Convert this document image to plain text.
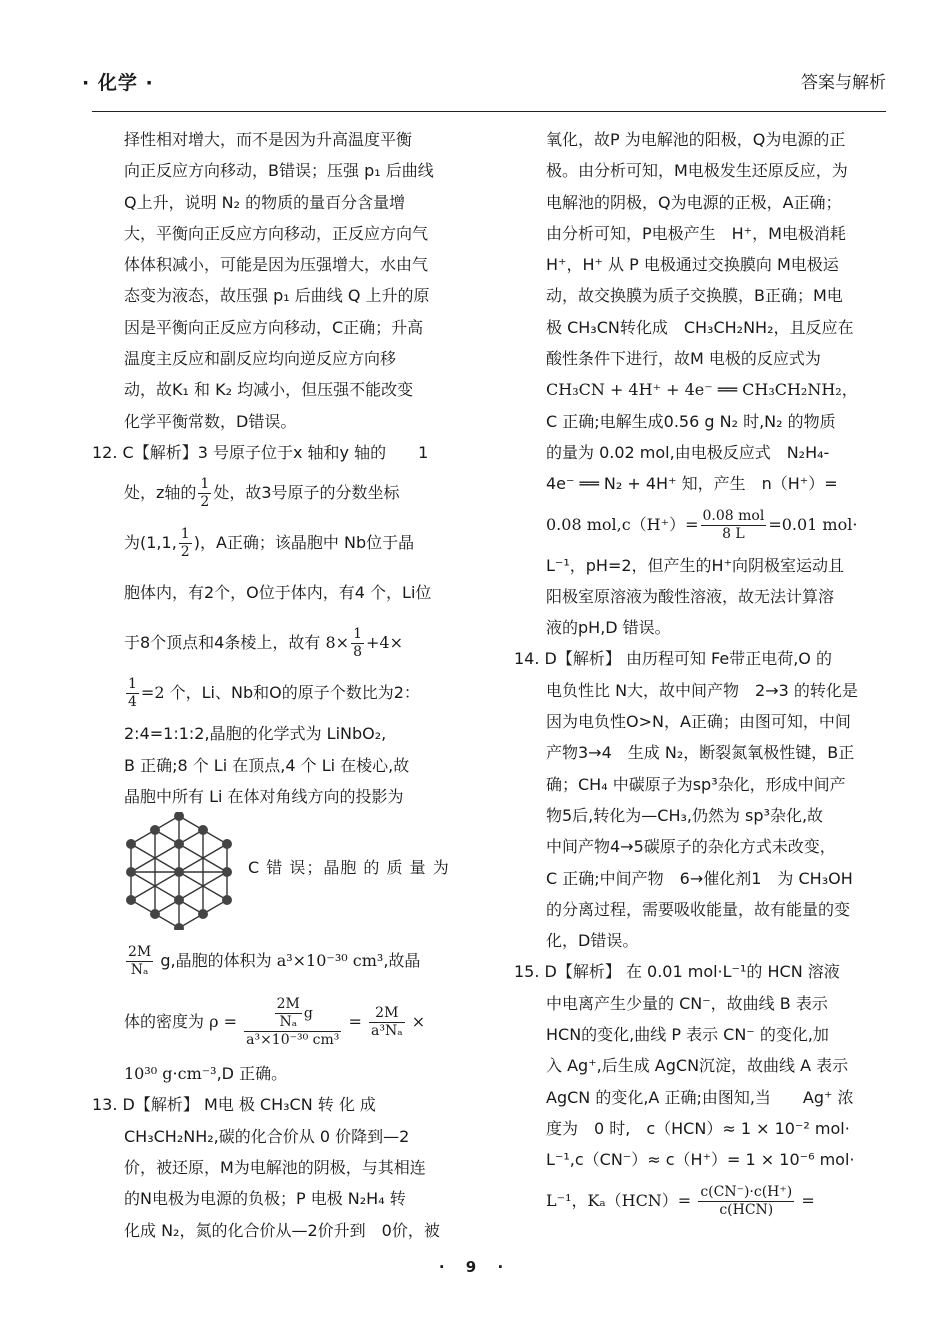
· 化学 ·	答案与解析
择性相对增大，而不是因为升高温度平衡
向正反应方向移动，B错误；压强 p₁ 后曲线
Q上升，说明 N₂ 的物质的量百分含量增
大，平衡向正反应方向移动，正反应方向气
体体积减小，可能是因为压强增大，水由气
态变为液态，故压强 p₁ 后曲线 Q 上升的原
因是平衡向正反应方向移动，C正确；升高
温度主反应和副反应均向逆反应方向移
动，故K₁ 和 K₂ 均减小，但压强不能改变
化学平衡常数，D错误。
12. C【解析】3 号原子位于x 轴和y 轴的　　1
处，z轴的 $\frac{1}{2}$ 处，故3号原子的分数坐标
为(1,1, $\frac{1}{2}$ )，A正确；该晶胞中 Nb位于晶
胞体内，有2个，O位于体内，有4 个，Li位
于8个顶点和4条棱上，故有 $8\times \frac{1}{8} +4\times$
$\frac{1}{4} =2$ 个，Li、Nb和O的原子个数比为2：
2:4=1:1:2,晶胞的化学式为 LiNbO₂,
B 正确;8 个 Li 在顶点,4 个 Li 在棱心,故
晶胞中所有 Li 在体对角线方向的投影为
C 错 误；晶胞 的 质 量 为
$\frac{2M}{\text{Nₐ}} g$,晶胞的体积为 a³×10⁻³⁰ cm³,故晶
体的密度为 $\rho = \frac{\frac{2M}{\text{Nₐ}} g}{\text{a³×10⁻³⁰ cm³}} = \frac{2M}{\text{a³Nₐ}}$ ×
10³⁰ g·cm⁻³,D 正确。
13. D【解析】 M电 极 CH₃CN 转 化 成
CH₃CH₂NH₂,碳的化合价从 0 价降到—2
价，被还原，M为电解池的阴极，与其相连
的N电极为电源的负极；P 电极 N₂H₄ 转
化成 N₂，氮的化合价从—2价升到　0价，被
氧化，故P 为电解池的阳极，Q为电源的正
极。由分析可知，M电极发生还原反应，为
电解池的阴极，Q为电源的正极，A正确；
由分析可知，P电极产生　H⁺，M电极消耗
H⁺，H⁺ 从 P 电极通过交换膜向 M电极运
动，故交换膜为质子交换膜，B正确；M电
极 CH₃CN转化成　CH₃CH₂NH₂，且反应在
酸性条件下进行，故M 电极的反应式为
CH₃CN + 4H⁺ + 4e⁻ ══ CH₃CH₂NH₂，
C 正确;电解生成0.56 g N₂ 时,N₂ 的物质
的量为 0.02 mol,由电极反应式　N₂H₄-
4e⁻ ══ N₂ + 4H⁺ 知，产生　n（H⁺）=
0.08 $mol,c(H^+)= \frac{\text{0.08 mol}}{8 L} =0.01$ mol·
L⁻¹，pH=2，但产生的H⁺向阴极室运动且
阳极室原溶液为酸性溶液，故无法计算溶
液的pH,D 错误。
14. D【解析】 由历程可知 Fe带正电荷,O 的
电负性比 N大，故中间产物　2→3 的转化是
因为电负性O>N，A正确；由图可知，中间
产物3→4　生成 N₂，断裂氮氧极性键，B正
确；CH₄ 中碳原子为sp³杂化，形成中间产
物5后,转化为—CH₃,仍然为 sp³杂化,故
中间产物4→5碳原子的杂化方式未改变，
C 正确;中间产物　6→催化剂1　为 CH₃OH
的分离过程，需要吸收能量，故有能量的变
化，D错误。
15. D【解析】 在 0.01 mol·L⁻¹的 HCN 溶液
中电离产生少量的 CN⁻，故曲线 B 表示
HCN的变化,曲线 P 表示 CN⁻ 的变化,加
入 Ag⁺,后生成 AgCN沉淀，故曲线 A 表示
AgCN 的变化,A 正确;由图知,当　　Ag⁺ 浓
度为　0 时,　c（HCN）≈ 1 × 10⁻² mol·
L⁻¹,c（CN⁻）≈ c（H⁺）= 1 × 10⁻⁶ mol·
L⁻¹，$K_a(HCN)= \frac{c(CN^-)\cdot c(H^+)}{\text{c(HCN)}}$ =
· 9 ·
